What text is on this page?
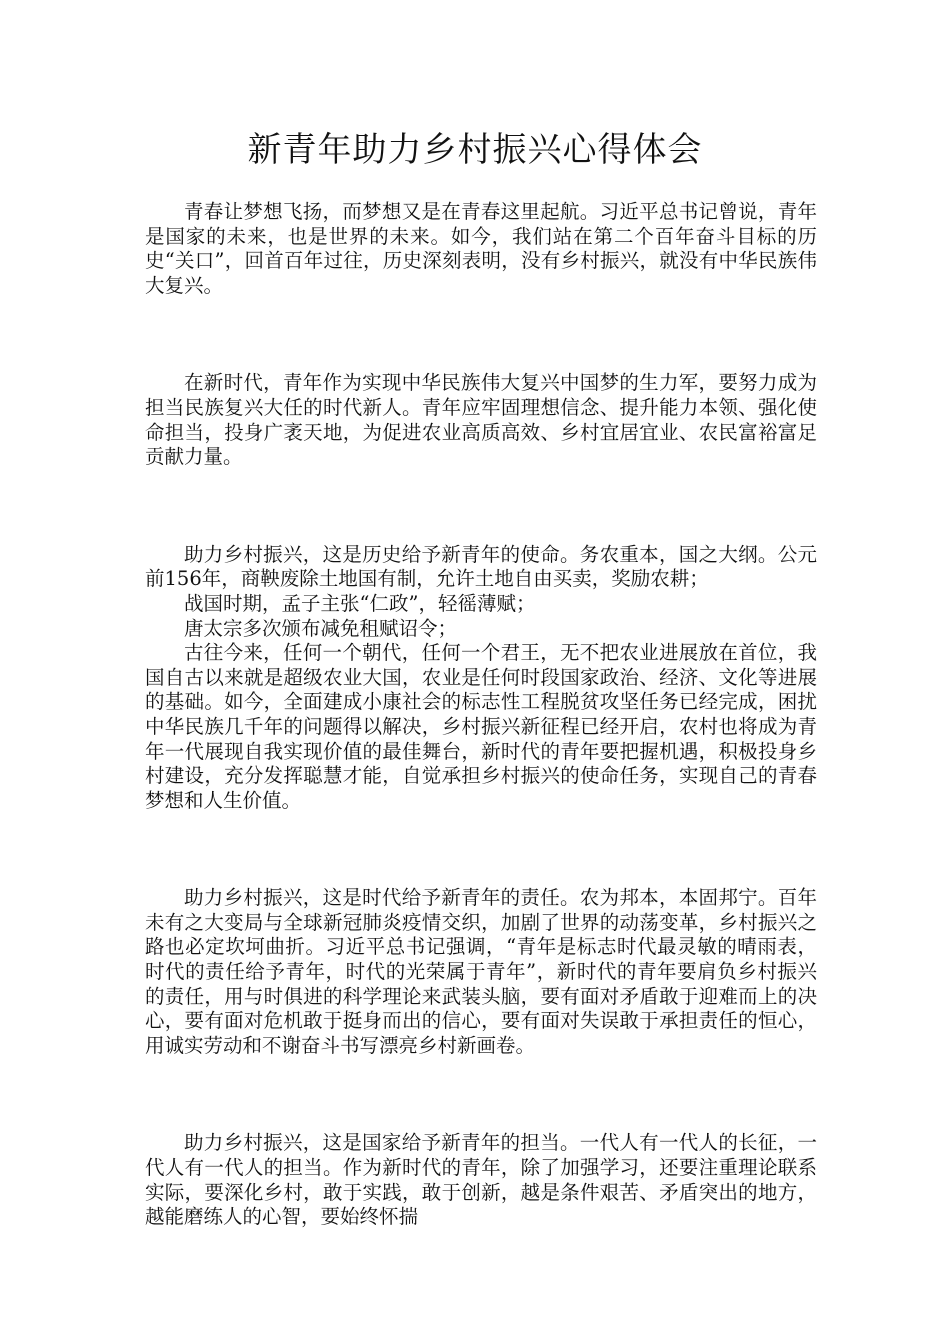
新青年助力乡村振兴心得体会

青春让梦想飞扬，而梦想又是在青春这里起航。习近平总书记曾说，青年是国家的未来，也是世界的未来。如今，我们站在第二个百年奋斗目标的历史“关口”，回首百年过往，历史深刻表明，没有乡村振兴，就没有中华民族伟大复兴。

在新时代，青年作为实现中华民族伟大复兴中国梦的生力军，要努力成为担当民族复兴大任的时代新人。青年应牢固理想信念、提升能力本领、强化使命担当，投身广袤天地，为促进农业高质高效、乡村宜居宜业、农民富裕富足贡献力量。

助力乡村振兴，这是历史给予新青年的使命。务农重本，国之大纲。公元前156年，商鞅废除土地国有制，允许土地自由买卖，奖励农耕；

战国时期，孟子主张“仁政”，轻徭薄赋；

唐太宗多次颁布减免租赋诏令；

古往今来，任何一个朝代，任何一个君王，无不把农业进展放在首位，我国自古以来就是超级农业大国，农业是任何时段国家政治、经济、文化等进展的基础。如今，全面建成小康社会的标志性工程脱贫攻坚任务已经完成，困扰中华民族几千年的问题得以解决，乡村振兴新征程已经开启，农村也将成为青年一代展现自我实现价值的最佳舞台，新时代的青年要把握机遇，积极投身乡村建设，充分发挥聪慧才能，自觉承担乡村振兴的使命任务，实现自己的青春梦想和人生价值。

助力乡村振兴，这是时代给予新青年的责任。农为邦本，本固邦宁。百年未有之大变局与全球新冠肺炎疫情交织，加剧了世界的动荡变革，乡村振兴之路也必定坎坷曲折。习近平总书记强调，“青年是标志时代最灵敏的晴雨表，时代的责任给予青年，时代的光荣属于青年”，新时代的青年要肩负乡村振兴的责任，用与时俱进的科学理论来武装头脑，要有面对矛盾敢于迎难而上的决心，要有面对危机敢于挺身而出的信心，要有面对失误敢于承担责任的恒心，用诚实劳动和不谢奋斗书写漂亮乡村新画卷。

助力乡村振兴，这是国家给予新青年的担当。一代人有一代人的长征，一代人有一代人的担当。作为新时代的青年，除了加强学习，还要注重理论联系实际，要深化乡村，敢于实践，敢于创新，越是条件艰苦、矛盾突出的地方，越能磨练人的心智，要始终怀揣
